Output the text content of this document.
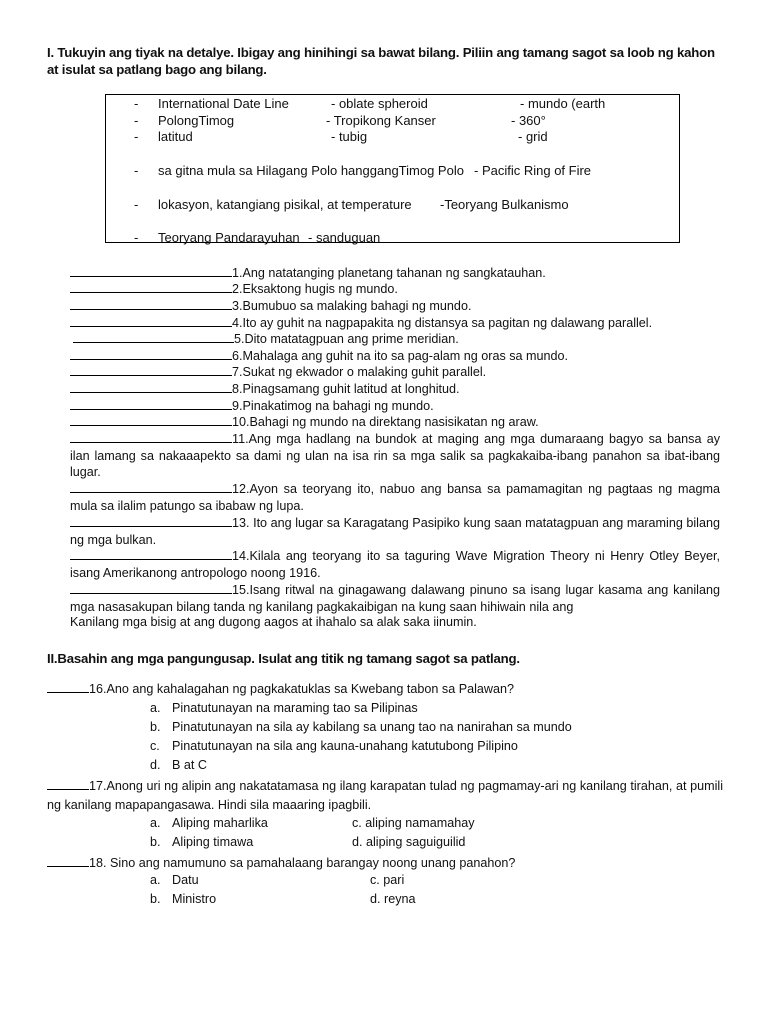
I. Tukuyin ang tiyak na detalye. Ibigay ang hinihingi sa bawat bilang. Piliin ang tamang sagot sa loob ng kahon at isulat sa patlang bago ang bilang.
- International Date Line	- oblate spheroid	- mundo (earth
- PolongTimog	- Tropikong Kanser	- 360°
- latitud	- tubig	- grid
- sa gitna mula sa Hilagang Polo hanggangTimog Polo - Pacific Ring of Fire
- lokasyon, katangiang pisikal, at temperature -Teoryang Bulkanismo
- Teoryang Pandarayuhan - sanduguan
1.Ang natatanging planetang tahanan ng sangkatauhan.
2.Eksaktong hugis ng mundo.
3.Bumubuo sa malaking bahagi ng mundo.
4.Ito ay guhit na nagpapakita ng distansya sa pagitan ng dalawang parallel.
5.Dito matatagpuan ang prime meridian.
6.Mahalaga ang guhit na ito sa pag-alam ng oras sa mundo.
7.Sukat ng ekwador o malaking guhit parallel.
8.Pinagsamang guhit latitud at longhitud.
9.Pinakatimog na bahagi ng mundo.
10.Bahagi ng mundo na direktang nasisikatan ng araw.
11.Ang mga hadlang na bundok at maging ang mga dumaraang bagyo sa bansa ay ilan lamang sa nakaaapekto sa dami ng ulan na isa rin sa mga salik sa pagkakaiba-ibang panahon sa ibat-ibang lugar.
12.Ayon sa teoryang ito, nabuo ang bansa sa pamamagitan ng pagtaas ng magma mula sa ilalim patungo sa ibabaw ng lupa.
13. Ito ang lugar sa Karagatang Pasipiko kung saan matatagpuan ang maraming bilang ng mga bulkan.
14.Kilala ang teoryang ito sa taguring Wave Migration Theory ni Henry Otley Beyer, isang Amerikanong antropologo noong 1916.
15.Isang ritwal na ginagawang dalawang pinuno sa isang lugar kasama ang kanilang mga nasasakupan bilang tanda ng kanilang pagkakaibigan na kung saan hihiwain nila ang
Kanilang mga bisig at ang dugong aagos at ihahalo sa alak saka iinumin.
II.Basahin ang mga pangungusap. Isulat ang titik ng tamang sagot sa patlang.
16.Ano ang kahalagahan ng pagkakatuklas sa Kwebang tabon sa Palawan?
a. Pinatutunayan na maraming tao sa Pilipinas
b. Pinatutunayan na sila ay kabilang sa unang tao na nanirahan sa mundo
c. Pinatutunayan na sila ang kauna-unahang katutubong Pilipino
d. B at C
17.Anong uri ng alipin ang nakatatamasa ng ilang karapatan tulad ng pagmamay-ari ng kanilang tirahan, at pumili ng kanilang mapapangasawa. Hindi sila maaaring ipagbili.
a. Aliping maharlika	c. aliping namamahay
b. Aliping timawa	d. aliping saguiguilid
18. Sino ang namumuno sa pamahalaang barangay noong unang panahon?
a. Datu	c. pari
b. Ministro	d. reyna
